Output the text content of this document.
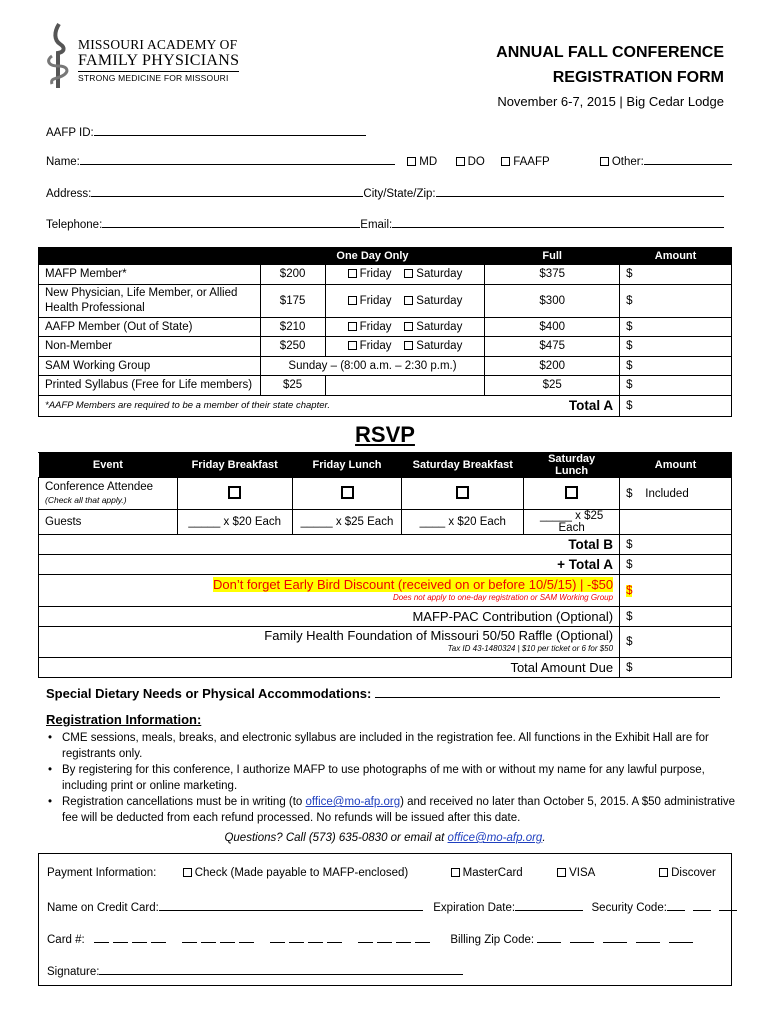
MISSOURI ACADEMY OF
FAMILY PHYSICIANS
STRONG MEDICINE FOR MISSOURI
ANNUAL FALL CONFERENCE
REGISTRATION FORM
November 6-7, 2015 | Big Cedar Lodge
AAFP ID:
Name:	MD	DO FAAFP	Other:
Address:	City/State/Zip:
Telephone:	Email:
	One Day Only		Full	Amount
MAFP Member*	$200	Friday Saturday	$375	$
New Physician, Life Member, or Allied Health Professional	$175	Friday Saturday	$300	$
AAFP Member (Out of State)	$210	Friday Saturday	$400	$
Non-Member	$250	Friday Saturday	$475	$
SAM Working Group	Sunday – (8:00 a.m. – 2:30 p.m.)		$200	$
Printed Syllabus (Free for Life members)	$25		$25	$
*AAFP Members are required to be a member of their state chapter.			Total A	$
RSVP
Event	Friday Breakfast	Friday Lunch	Saturday Breakfast	Saturday Lunch	Amount

Conference Attendee
(Check all that apply.)					$ Included
Guests	_____ x $20 Each	_____ x $25 Each	____ x $20 Each	_____ x $25 Each	
Total B					$
+ Total A					$

Don’t forget Early Bird Discount (received on or before 10/5/15) | -$50
Does not apply to one-day registration or SAM Working Group					$
MAFP-PAC Contribution (Optional)					$

Family Health Foundation of Missouri 50/50 Raffle (Optional)
Tax ID 43-1480324 | $10 per ticket or 6 for $50					$
Total Amount Due					$
Special Dietary Needs or Physical Accommodations:
Registration Information:
• CME sessions, meals, breaks, and electronic syllabus are included in the registration fee. All functions in the Exhibit Hall are for registrants only.
• By registering for this conference, I authorize MAFP to use photographs of me with or without my name for any lawful purpose, including print or online marketing.
• Registration cancellations must be in writing (to office@mo-afp.org) and received no later than October 5, 2015. A $50 administrative fee will be deducted from each refund processed. No refunds will be issued after this date.
Questions? Call (573) 635-0830 or email at office@mo-afp.org.
Payment Information:	Check (Made payable to MAFP-enclosed)	MasterCard	VISA	Discover
Name on Credit Card:	Expiration Date:	Security Code:
Card #:	Billing Zip Code:
Signature:
